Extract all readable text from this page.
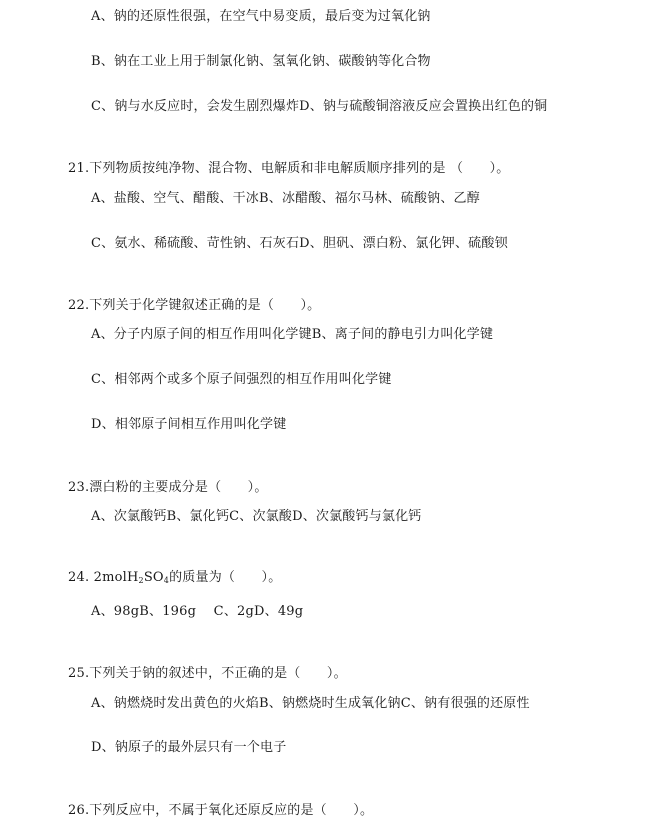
A、钠的还原性很强，在空气中易变质，最后变为过氧化钠
B、钠在工业上用于制氯化钠、氢氧化钠、碳酸钠等化合物
C、钠与水反应时，会发生剧烈爆炸D、钠与硫酸铜溶液反应会置换出红色的铜
21.下列物质按纯净物、混合物、电解质和非电解质顺序排列的是 （　　）。
A、盐酸、空气、醋酸、干冰B、冰醋酸、福尔马林、硫酸钠、乙醇
C、氨水、稀硫酸、苛性钠、石灰石D、胆矾、漂白粉、氯化钾、硫酸钡
22.下列关于化学键叙述正确的是（　　）。
A、分子内原子间的相互作用叫化学键B、离子间的静电引力叫化学键
C、相邻两个或多个原子间强烈的相互作用叫化学键
D、相邻原子间相互作用叫化学键
23.漂白粉的主要成分是（　　）。
A、次氯酸钙B、氯化钙C、次氯酸D、次氯酸钙与氯化钙
24. $2molH_2SO_4$的质量为（　　）。
A、98gB、196g　 C、2gD、49g
25.下列关于钠的叙述中，不正确的是（　　）。
A、钠燃烧时发出黄色的火焰B、钠燃烧时生成氧化钠C、钠有很强的还原性
D、钠原子的最外层只有一个电子
26.下列反应中，不属于氧化还原反应的是（　　）。
